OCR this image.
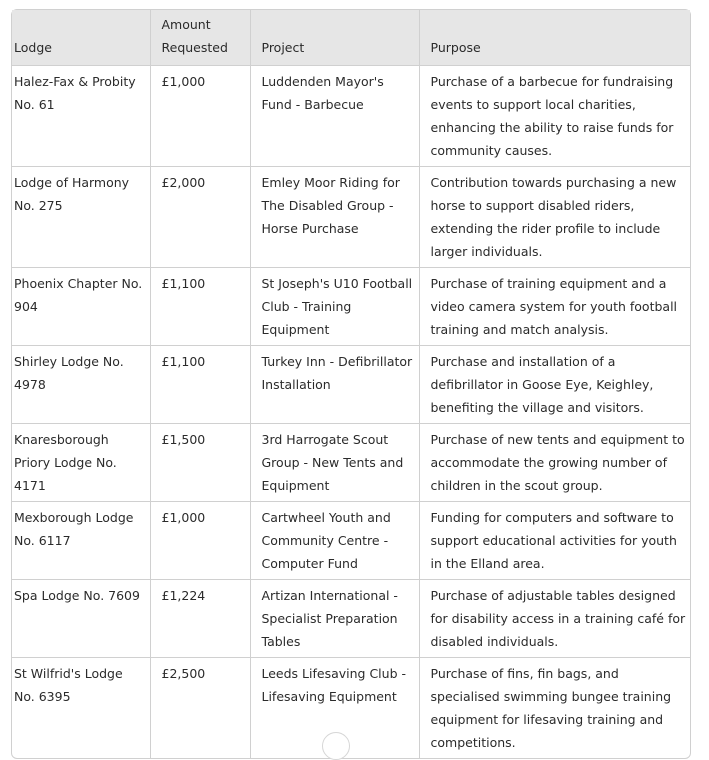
Lodge	Amount Requested	Project	Purpose
Halez-Fax & Probity No. 61	£1,000	Luddenden Mayor's Fund - Barbecue	Purchase of a barbecue for fundraising events to support local charities, enhancing the ability to raise funds for community causes.
Lodge of Harmony No. 275	£2,000	Emley Moor Riding for The Disabled Group - Horse Purchase	Contribution towards purchasing a new horse to support disabled riders, extending the rider profile to include larger individuals.
Phoenix Chapter No. 904	£1,100	St Joseph's U10 Football Club - Training Equipment	Purchase of training equipment and a video camera system for youth football training and match analysis.
Shirley Lodge No. 4978	£1,100	Turkey Inn - Defibrillator Installation	Purchase and installation of a defibrillator in Goose Eye, Keighley, benefiting the village and visitors.
Knaresborough Priory Lodge No. 4171	£1,500	3rd Harrogate Scout Group - New Tents and Equipment	Purchase of new tents and equipment to accommodate the growing number of children in the scout group.
Mexborough Lodge No. 6117	£1,000	Cartwheel Youth and Community Centre - Computer Fund	Funding for computers and software to support educational activities for youth in the Elland area.
Spa Lodge No. 7609	£1,224	Artizan International - Specialist Preparation Tables	Purchase of adjustable tables designed for disability access in a training café for disabled individuals.
St Wilfrid's Lodge No. 6395	£2,500	Leeds Lifesaving Club - Lifesaving Equipment	Purchase of fins, fin bags, and specialised swimming bungee training equipment for lifesaving training and competitions.
